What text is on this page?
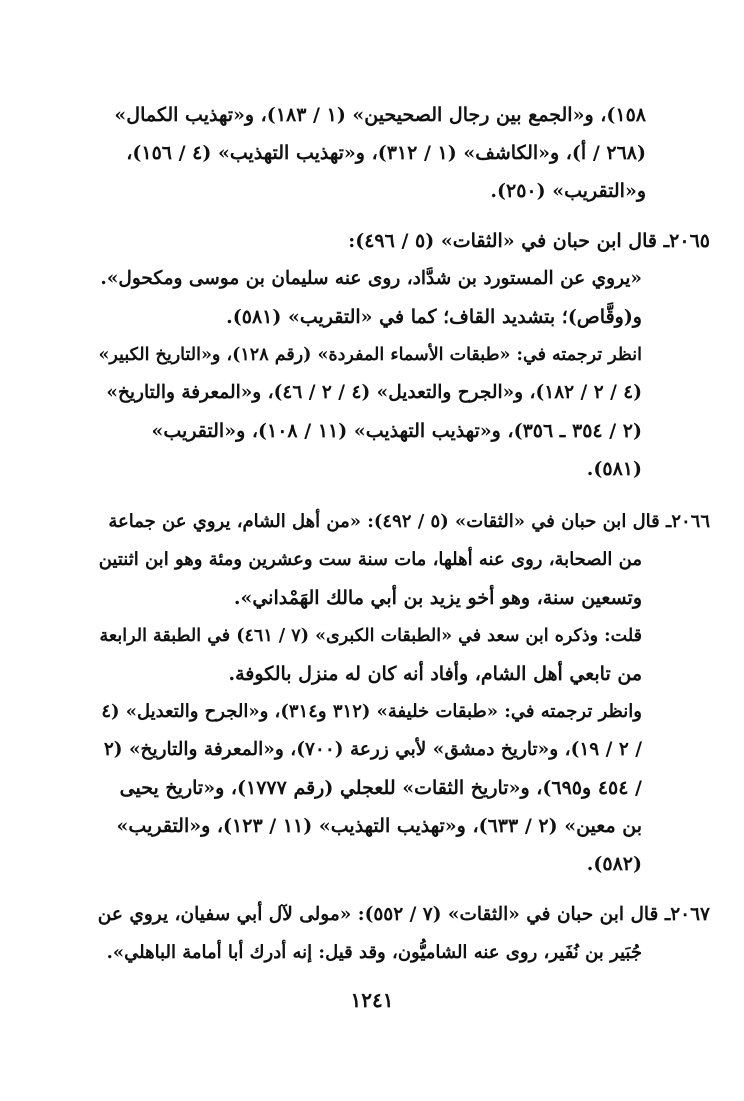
١٥٨)، و«الجمع بين رجال الصحيحين» (١ / ١٨٣)، و«تهذيب الكمال»
(٢٦٨ / أ)، و«الكاشف» (١ / ٣١٢)، و«تهذيب التهذيب» (٤ / ١٥٦)،
و«التقريب» (٢٥٠).
٢٠٦٥ـ قال ابن حبان في «الثقات» (٥ / ٤٩٦):
«يروي عن المستورد بن شدَّاد، روى عنه سليمان بن موسى ومكحول».
و(وقَّاص)؛ بتشديد القاف؛ كما في «التقريب» (٥٨١).
انظر ترجمته في: «طبقات الأسماء المفردة» (رقم ١٢٨)، و«التاريخ الكبير»
(٤ / ٢ / ١٨٢)، و«الجرح والتعديل» (٤ / ٢ / ٤٦)، و«المعرفة والتاريخ»
(٢ / ٣٥٤ ـ ٣٥٦)، و«تهذيب التهذيب» (١١ / ١٠٨)، و«التقريب»
(٥٨١).
٢٠٦٦ـ قال ابن حبان في «الثقات» (٥ / ٤٩٢): «من أهل الشام، يروي عن جماعة
من الصحابة، روى عنه أهلها، مات سنة ست وعشرين ومئة وهو ابن اثنتين
وتسعين سنة، وهو أخو يزيد بن أبي مالك الهَمْداني».
قلت: وذكره ابن سعد في «الطبقات الكبرى» (٧ / ٤٦١) في الطبقة الرابعة
من تابعي أهل الشام، وأفاد أنه كان له منزل بالكوفة.
وانظر ترجمته في: «طبقات خليفة» (٣١٢ و٣١٤)، و«الجرح والتعديل» (٤
/ ٢ / ١٩)، و«تاريخ دمشق» لأبي زرعة (٧٠٠)، و«المعرفة والتاريخ» (٢
/ ٤٥٤ و٦٩٥)، و«تاريخ الثقات» للعجلي (رقم ١٧٧٧)، و«تاريخ يحيى
بن معين» (٢ / ٦٣٣)، و«تهذيب التهذيب» (١١ / ١٢٣)، و«التقريب»
(٥٨٢).
٢٠٦٧ـ قال ابن حبان في «الثقات» (٧ / ٥٥٢): «مولى لآل أبي سفيان، يروي عن
جُبَير بن نُفَير، روى عنه الشاميُّون، وقد قيل: إنه أدرك أبا أمامة الباهلي».
١٢٤١
